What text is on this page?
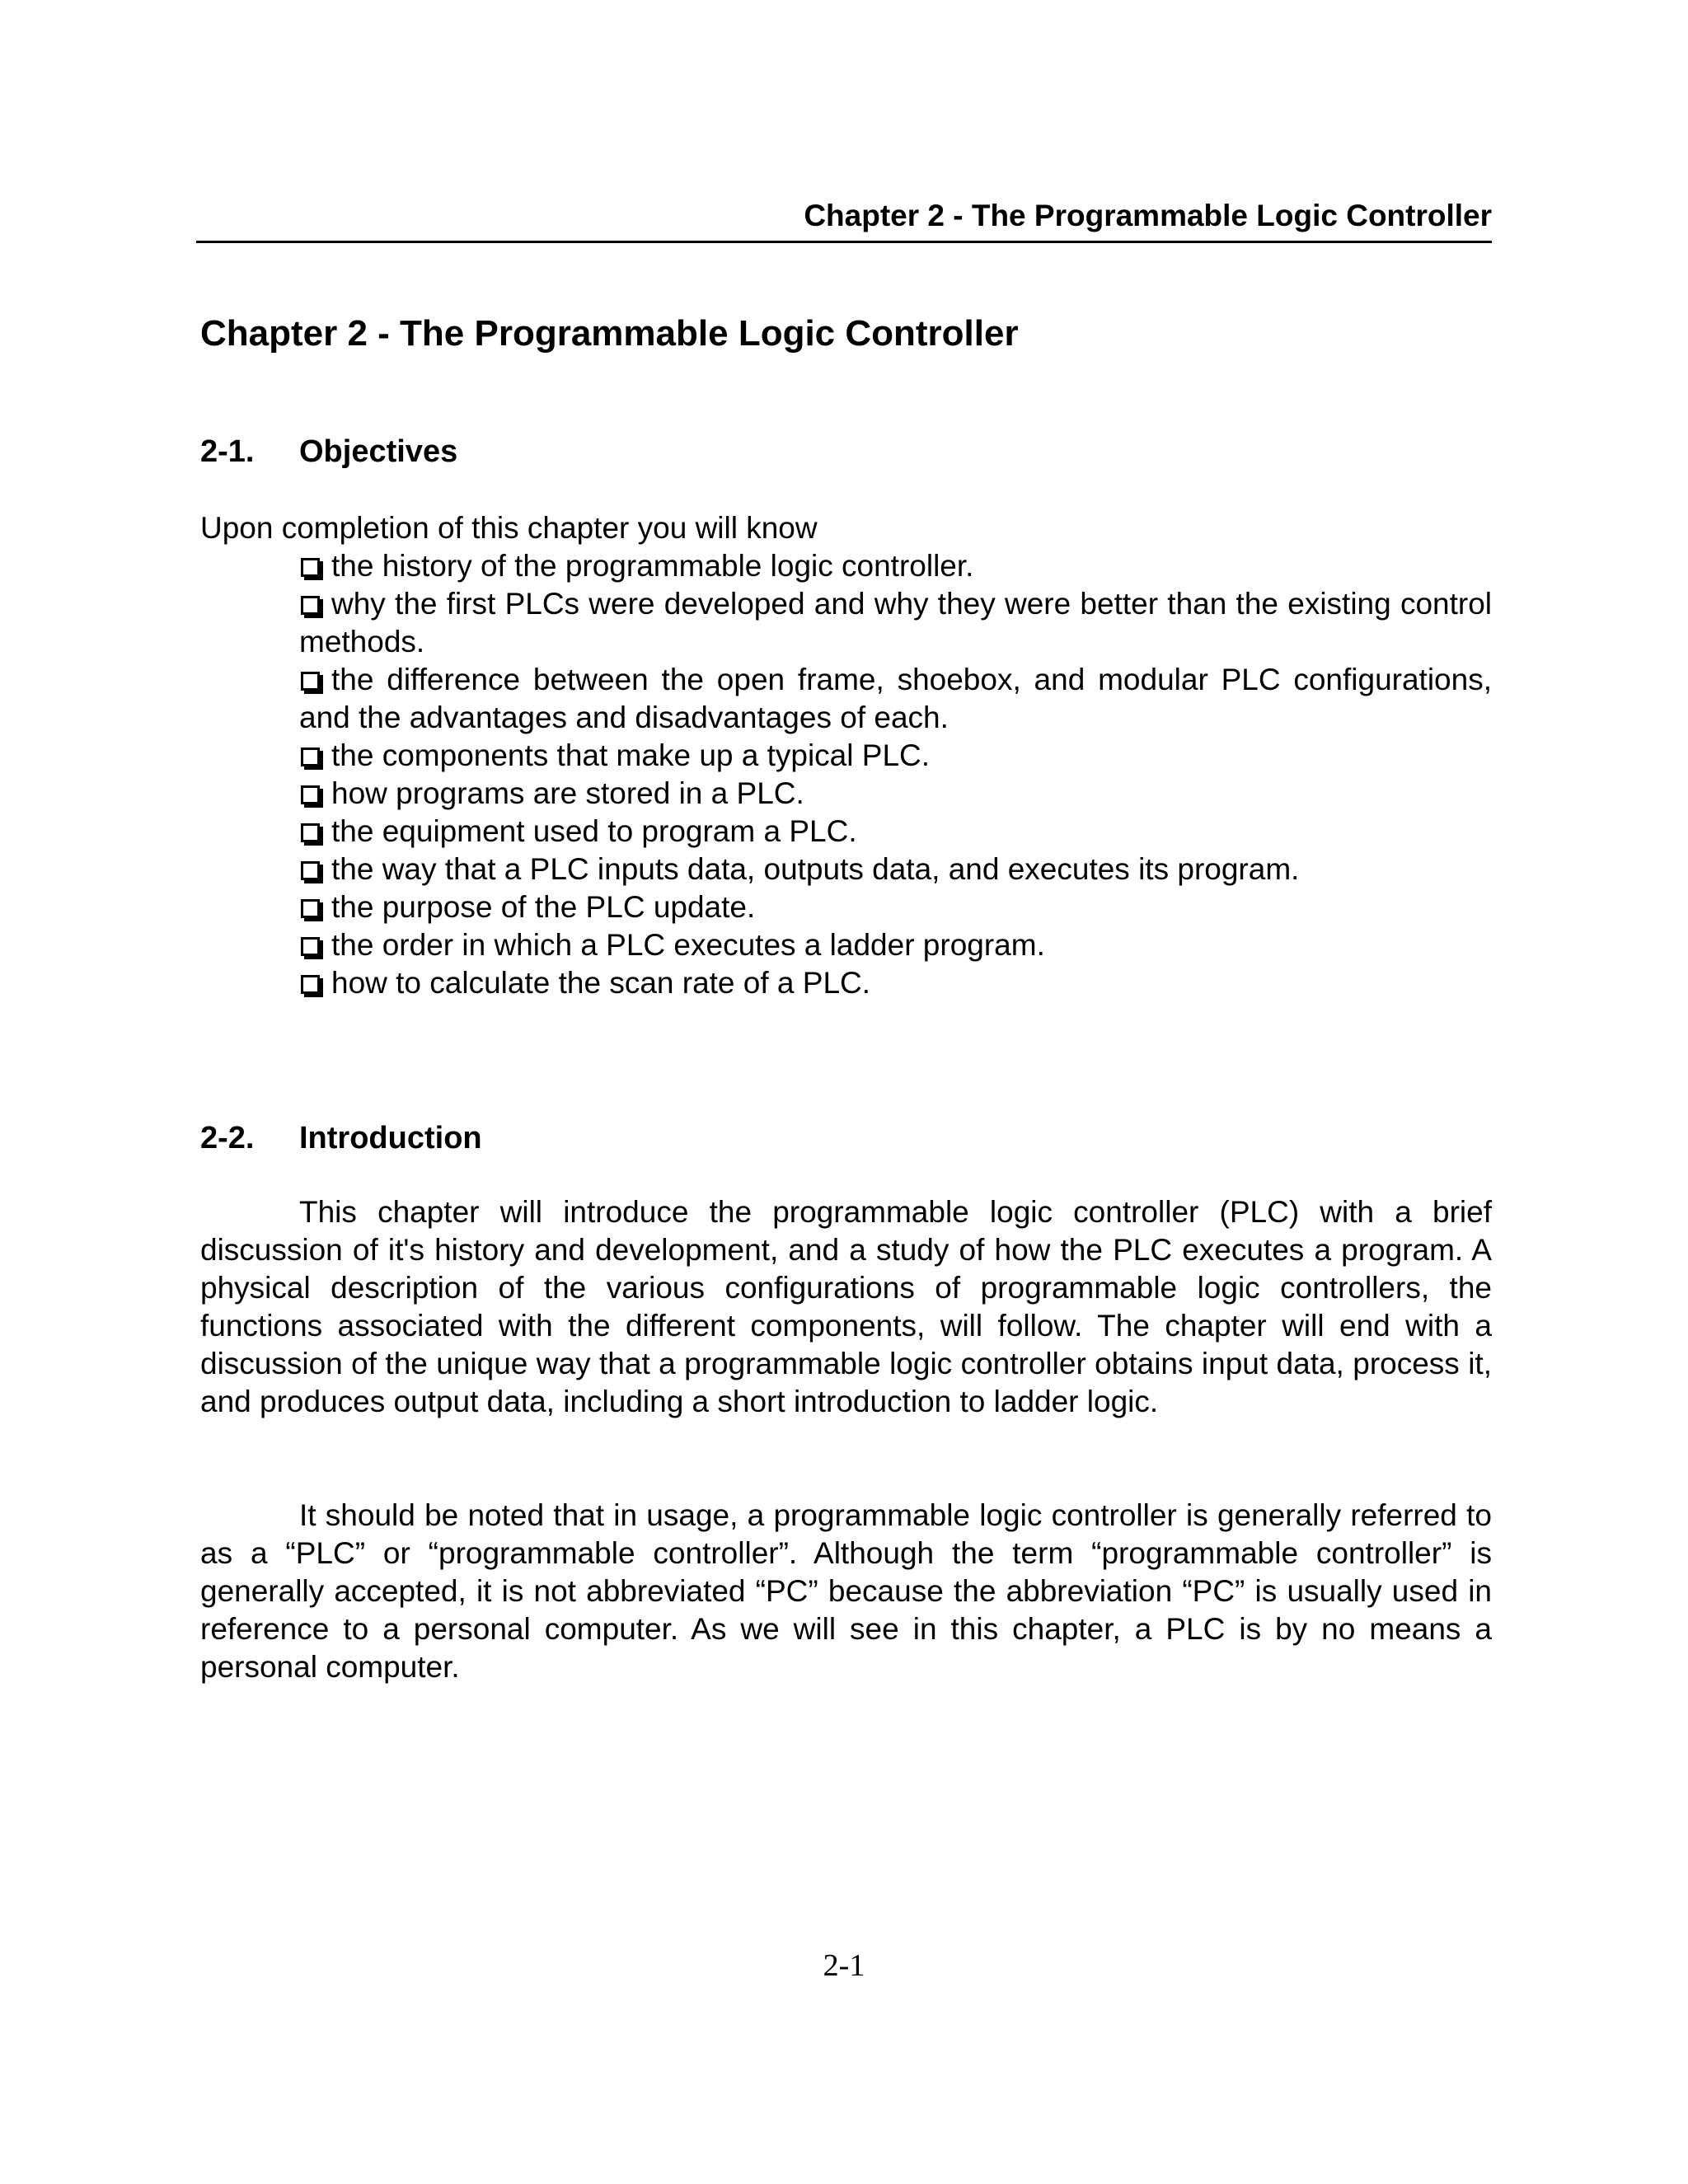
Chapter 2 - The Programmable Logic Controller
Chapter 2 - The Programmable Logic Controller
2-1.	Objectives

Upon completion of this chapter you will know

the history of the programmable logic controller.
why the first PLCs were developed and why they were better than the existing control methods.
the difference between the open frame, shoebox, and modular PLC configurations, and the advantages and disadvantages of each.
the components that make up a typical PLC.
how programs are stored in a PLC.
the equipment used to program a PLC.
the way that a PLC inputs data, outputs data, and executes its program.
the purpose of the PLC update.
the order in which a PLC executes a ladder program.
how to calculate the scan rate of a PLC.
2-2.	Introduction

This chapter will introduce the programmable logic controller (PLC) with a brief discussion of it's history and development, and a study of how the PLC executes a program. A physical description of the various configurations of programmable logic controllers, the functions associated with the different components, will follow. The chapter will end with a discussion of the unique way that a programmable logic controller obtains input data, process it, and produces output data, including a short introduction to ladder logic.

It should be noted that in usage, a programmable logic controller is generally referred to as a “PLC” or “programmable controller”. Although the term “programmable controller” is generally accepted, it is not abbreviated “PC” because the abbreviation “PC” is usually used in reference to a personal computer. As we will see in this chapter, a PLC is by no means a personal computer.

2-1
